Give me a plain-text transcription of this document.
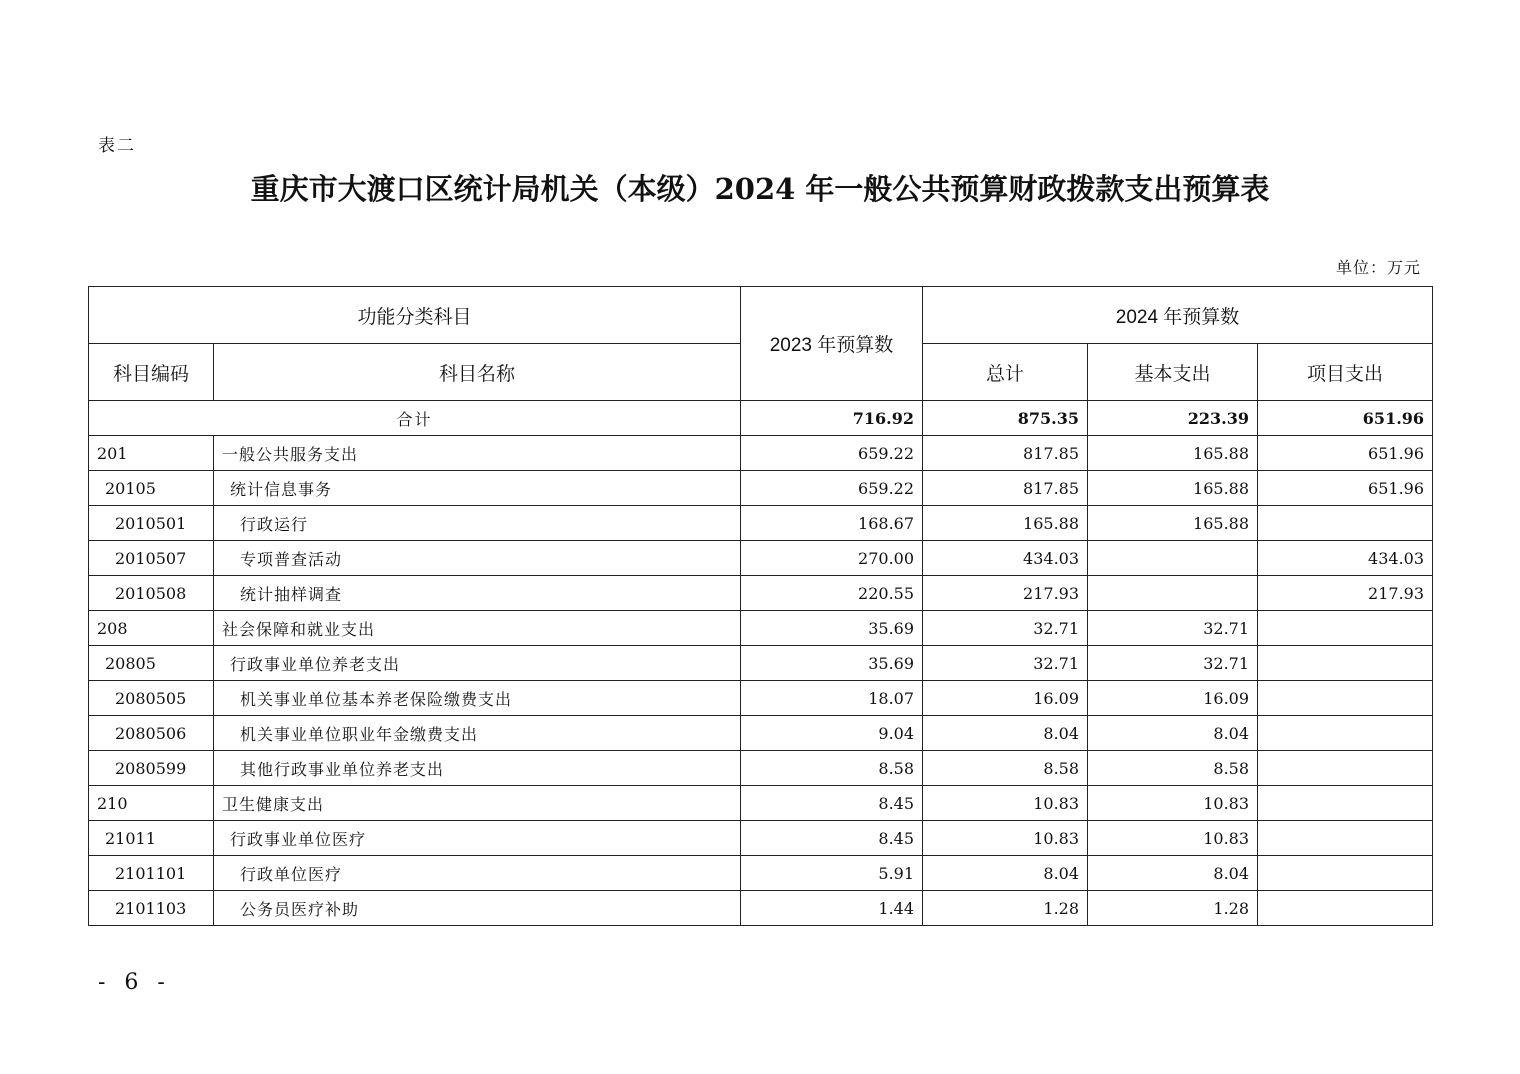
表二
重庆市大渡口区统计局机关（本级）2024 年一般公共预算财政拨款支出预算表
单位：万元
功能分类科目		2023 年预算数	2024 年预算数		
科目编码	科目名称		总计	基本支出	项目支出
合计		716.92	875.35	223.39	651.96
201	一般公共服务支出	659.22	817.85	165.88	651.96
20105	统计信息事务	659.22	817.85	165.88	651.96
2010501	行政运行	168.67	165.88	165.88	
2010507	专项普查活动	270.00	434.03		434.03
2010508	统计抽样调查	220.55	217.93		217.93
208	社会保障和就业支出	35.69	32.71	32.71	
20805	行政事业单位养老支出	35.69	32.71	32.71	
2080505	机关事业单位基本养老保险缴费支出	18.07	16.09	16.09	
2080506	机关事业单位职业年金缴费支出	9.04	8.04	8.04	
2080599	其他行政事业单位养老支出	8.58	8.58	8.58	
210	卫生健康支出	8.45	10.83	10.83	
21011	行政事业单位医疗	8.45	10.83	10.83	
2101101	行政单位医疗	5.91	8.04	8.04	
2101103	公务员医疗补助	1.44	1.28	1.28	
- 6 -
